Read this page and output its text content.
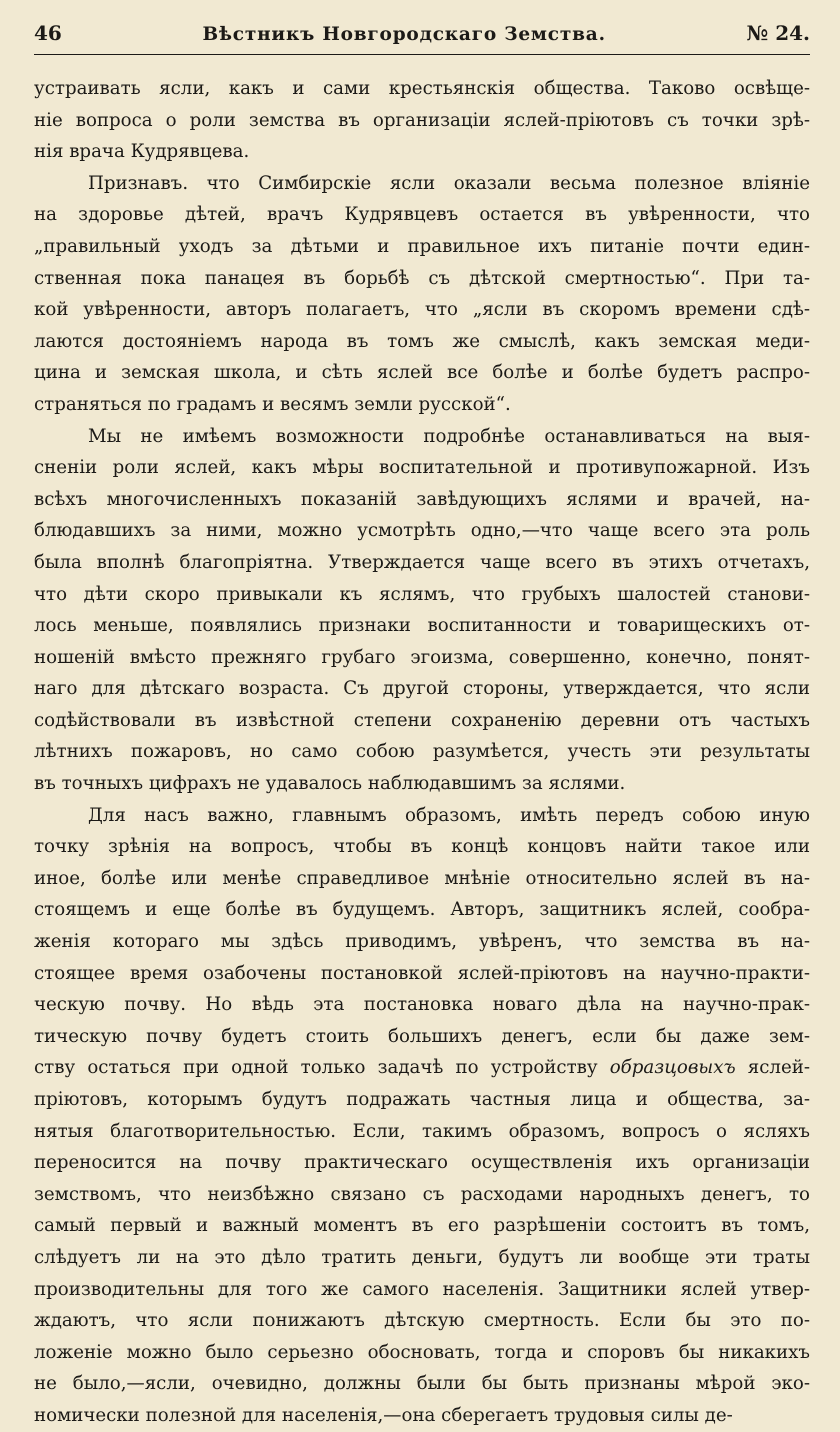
46	Вѣстникъ Новгородскаго Земства.	№ 24.
устраивать ясли, какъ и сами крестьянскія общества. Таково освѣще-
ніе вопроса о роли земства въ организаціи яслей-пріютовъ съ точки зрѣ-
нія врача Кудрявцева.
Признавъ. что Симбирскіе ясли оказали весьма полезное вліяніе
на здоровье дѣтей, врачъ Кудрявцевъ остается въ увѣренности, что
„правильный уходъ за дѣтьми и правильное ихъ питаніе почти един-
ственная пока панацея въ борьбѣ съ дѣтской смертностью“. При та-
кой увѣренности, авторъ полагаетъ, что „ясли въ скоромъ времени сдѣ-
лаются достояніемъ народа въ томъ же смыслѣ, какъ земская меди-
цина и земская школа, и сѣть яслей все болѣе и болѣе будетъ распро-
страняться по градамъ и весямъ земли русской“.
Мы не имѣемъ возможности подробнѣе останавливаться на выя-
сненіи роли яслей, какъ мѣры воспитательной и противупожарной. Изъ
всѣхъ многочисленныхъ показаній завѣдующихъ яслями и врачей, на-
блюдавшихъ за ними, можно усмотрѣть одно,—что чаще всего эта роль
была вполнѣ благопріятна. Утверждается чаще всего въ этихъ отчетахъ,
что дѣти скоро привыкали къ яслямъ, что грубыхъ шалостей станови-
лось меньше, появлялись признаки воспитанности и товарищескихъ от-
ношеній вмѣсто прежняго грубаго эгоизма, совершенно, конечно, понят-
наго для дѣтскаго возраста. Съ другой стороны, утверждается, что ясли
содѣйствовали въ извѣстной степени сохраненію деревни отъ частыхъ
лѣтнихъ пожаровъ, но само собою разумѣется, учесть эти результаты
въ точныхъ цифрахъ не удавалось наблюдавшимъ за яслями.
Для насъ важно, главнымъ образомъ, имѣть передъ собою иную
точку зрѣнія на вопросъ, чтобы въ концѣ концовъ найти такое или
иное, болѣе или менѣе справедливое мнѣніе относительно яслей въ на-
стоящемъ и еще болѣе въ будущемъ. Авторъ, защитникъ яслей, сообра-
женія котораго мы здѣсь приводимъ, увѣренъ, что земства въ на-
стоящее время озабочены постановкой яслей-пріютовъ на научно-практи-
ческую почву. Но вѣдь эта постановка новаго дѣла на научно-прак-
тическую почву будетъ стоить большихъ денегъ, если бы даже зем-
ству остаться при одной только задачѣ по устройству образцовыхъ яслей-
пріютовъ, которымъ будутъ подражать частныя лица и общества, за-
нятыя благотворительностью. Если, такимъ образомъ, вопросъ о ясляхъ
переносится на почву практическаго осуществленія ихъ организаціи
земствомъ, что неизбѣжно связано съ расходами народныхъ денегъ, то
самый первый и важный моментъ въ его разрѣшеніи состоитъ въ томъ,
слѣдуетъ ли на это дѣло тратить деньги, будутъ ли вообще эти траты
производительны для того же самого населенія. Защитники яслей утвер-
ждаютъ, что ясли понижаютъ дѣтскую смертность. Если бы это по-
ложеніе можно было серьезно обосновать, тогда и споровъ бы никакихъ
не было,—ясли, очевидно, должны были бы быть признаны мѣрой эко-
номически полезной для населенія,—она сберегаетъ трудовыя силы де-
